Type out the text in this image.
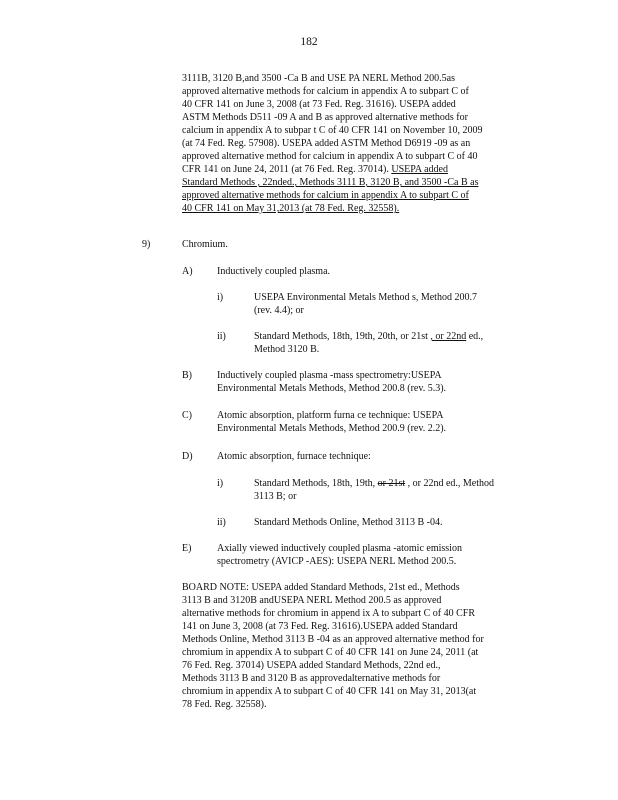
182
3111B, 3120 B,and 3500 -Ca B and USE PA NERL Method 200.5as
approved alternative methods for calcium in appendix A to subpart C of
40 CFR 141 on June 3, 2008 (at 73 Fed. Reg. 31616). USEPA added
ASTM Methods D511 -09 A and B as approved alternative methods for
calcium in appendix A to subpar t C of 40 CFR 141 on November 10, 2009
(at 74 Fed. Reg. 57908). USEPA added ASTM Method D6919 -09 as an
approved alternative method for calcium in appendix A to subpart C of 40
CFR 141 on June 24, 2011 (at 76 Fed. Reg. 37014). USEPA added
Standard Methods , 22nded., Methods 3111 B, 3120 B, and 3500 -Ca B as
approved alternative methods for calcium in appendix A to subpart C of
40 CFR 141 on May 31,2013 (at 78 Fed. Reg. 32558).
9)	Chromium.
A) Inductively coupled plasma.
i)	USEPA Environmental Metals Method s, Method 200.7
(rev. 4.4); or
ii)	Standard Methods, 18th, 19th, 20th, or 21st , or 22nd ed.,
Method 3120 B.
B)	Inductively coupled plasma -mass spectrometry:USEPA
Environmental Metals Methods, Method 200.8 (rev. 5.3).
C)	Atomic absorption, platform furna ce technique: USEPA
Environmental Metals Methods, Method 200.9 (rev. 2.2).
D) Atomic absorption, furnace technique:
i)	Standard Methods, 18th, 19th, or 21st , or 22nd ed., Method
3113 B; or
ii)	Standard Methods Online, Method 3113 B -04.
E)	Axially viewed inductively coupled plasma -atomic emission
spectrometry (AVICP -AES): USEPA NERL Method 200.5.
BOARD NOTE: USEPA added Standard Methods, 21st ed., Methods
3113 B and 3120B andUSEPA NERL Method 200.5 as approved
alternative methods for chromium in append ix A to subpart C of 40 CFR
141 on June 3, 2008 (at 73 Fed. Reg. 31616).USEPA added Standard
Methods Online, Method 3113 B -04 as an approved alternative method for
chromium in appendix A to subpart C of 40 CFR 141 on June 24, 2011 (at
76 Fed. Reg. 37014) USEPA added Standard Methods, 22nd ed.,
Methods 3113 B and 3120 B as approvedalternative methods for
chromium in appendix A to subpart C of 40 CFR 141 on May 31, 2013(at
78 Fed. Reg. 32558).
